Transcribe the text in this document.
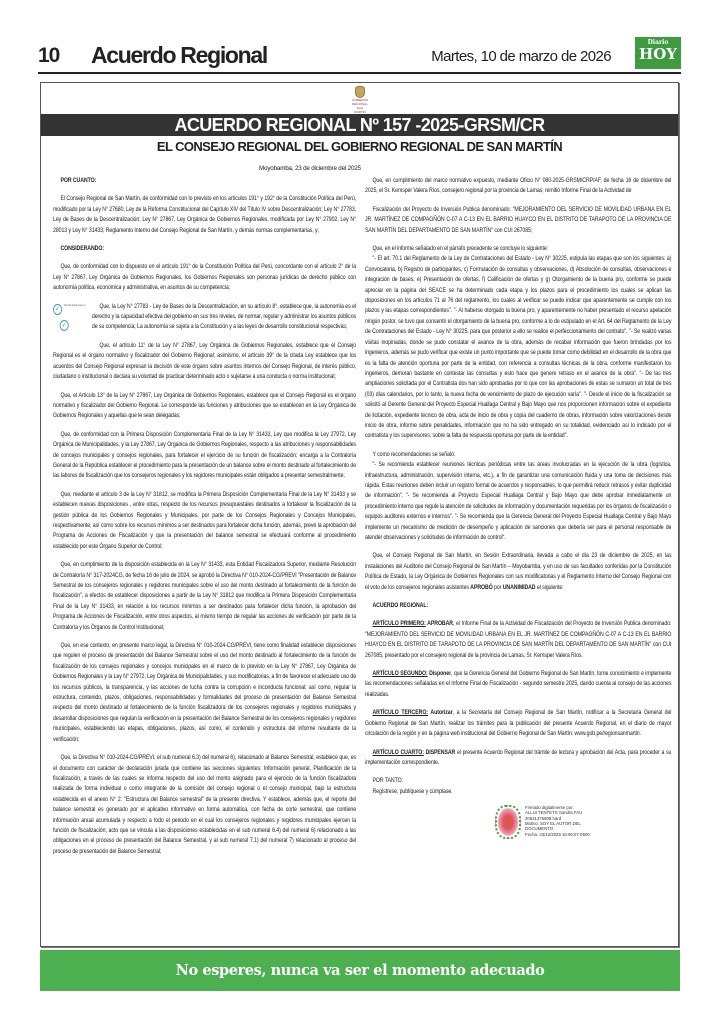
10 Acuerdo Regional	Martes, 10 de marzo de 2026
Diario
HOY
GOBIERNO REGIONAL SAN MARTÍN
ACUERDO REGIONAL Nº 157 -2025-GRSM/CR
EL CONSEJO REGIONAL DEL GOBIERNO REGIONAL DE SAN MARTÍN
Moyobamba, 23 de diciembre del 2025

POR CUANTO:

El Consejo Regional de San Martín, de conformidad con lo previsto en los artículos 191° y 192° de la Constitución Política del Perú, modificado por la Ley N° 27680, Ley de la Reforma Constitucional del Capítulo XIV del Título IV sobre Descentralización; Ley N° 27783, Ley de Bases de la Descentralización; Ley N° 27867, Ley Orgánica de Gobiernos Regionales, modificada por Ley N° 27902, Ley N° 28013 y Ley N° 31433; Reglamento Interno del Consejo Regional de San Martín, y demás normas complementarias, y;

CONSIDERANDO:

Que, de conformidad con lo dispuesto en el artículo 191° de la Constitución Política del Perú, concordante con el artículo 2° de la Ley N° 27867, Ley Orgánica de Gobiernos Regionales, los Gobiernos Regionales son personas jurídicas de derecho público con autonomía política, económica y administrativa, en asuntos de su competencia;

✓
Firmado digitalmente por
✓
Que, la Ley N° 27783 - Ley de Bases de la Descentralización, en su artículo 8°, establece que, la autonomía es el derecho y la capacidad efectiva del gobierno en sus tres niveles, de normar, regular y administrar los asuntos públicos de su competencia; La autonomía se sujeta a la Constitución y a las leyes de desarrollo constitucional respectivas;

Que, el artículo 11° de la Ley N° 27867, Ley Orgánica de Gobiernos Regionales, establece que el Consejo Regional es el órgano normativo y fiscalizador del Gobierno Regional; asimismo, el artículo 39° de la citada Ley establece que los acuerdos del Consejo Regional expresan la decisión de este órgano sobre asuntos internos del Consejo Regional, de interés público, ciudadano o institucional o declara su voluntad de practicar determinado acto o sujetarse a una conducta o norma institucional;

Que, el Artículo 13° de la Ley N° 27867, Ley Orgánica de Gobiernos Regionales, establece que el Consejo Regional es el órgano normativo y fiscalizador del Gobierno Regional. Le corresponde las funciones y atribuciones que se establecen en la Ley Orgánica de Gobiernos Regionales y aquellas que le sean delegadas;

Que, de conformidad con la Primera Disposición Complementaria Final de la Ley N° 31433, Ley que modifica la Ley 27972, Ley Orgánica de Municipalidades, y la Ley 27867, Ley Orgánica de Gobiernos Regionales, respecto a las atribuciones y responsabilidades de concejos municipales y consejos regionales, para fortalecer el ejercicio de su función de fiscalización; encarga a la Contraloría General de la República establecer el procedimiento para la presentación de un balance sobre el monto destinado al fortalecimiento de las labores de fiscalización que los consejeros regionales y los regidores municipales están obligados a presentar semestralmente;

Que, mediante el artículo 3 de la Ley N° 31812, se modifica la Primera Disposición Complementaria Final de la Ley N° 31433 y se establecen nuevas disposiciones , entre otras, respecto de los recursos presupuestales destinados a fortalecer la fiscalización de la gestión pública de los Gobiernos Regionales y Municipales, por parte de los Consejos Regionales y Concejos Municipales, respectivamente; así como sobre los recursos mínimos a ser destinados para fortalecer dicha función, además, prevé la aprobación del Programa de Acciones de Fiscalización y que la presentación del balance semestral se efectuará conforme al procedimiento establecido por este Órgano Superior de Control;

Que, en cumplimiento de la disposición establecida en la Ley N° 31433, esta Entidad Fiscalizadora Superior, mediante Resolución de Contraloría N° 317-2024CG, de fecha 16 de julio de 2024, se aprobó la Directiva N° 010-2024-CG/PREVI "Presentación de Balance Semestral de los consejeros regionales y regidores municipales sobre el uso del monto destinado al fortalecimiento de la función de fiscalización", a efectos de establecer disposiciones a partir de la Ley N° 31812 que modifica la Primera Disposición Complementaria Final de la Ley N° 31433, en relación a los recursos mínimos a ser destinados para fortalecer dicha función, la aprobación del Programa de Acciones de Fiscalización, entre otros aspectos, al mismo tiempo de regular las acciones de verificación por parte de la Contraloría y los Órganos de Control Institucional;

Que, en ese contexto, en presente marco legal, la Directiva N° 010-2024-CG/PREVI, tiene como finalidad establecer disposiciones que regulen el proceso de presentación del Balance Semestral sobre el uso del monto destinado al fortalecimiento de la función de fiscalización de los consejos regionales y concejos municipales en el marco de lo previsto en la Ley N° 27867, Ley Orgánica de Gobiernos Regionales y la Ley N° 27972, Ley Orgánica de Municipalidades, y sus modificatorias, a fin de favorecer el adecuado uso de los recursos públicos, la transparencia, y las acciones de lucha contra la corrupción e inconducta funcional; así como, regular la estructura, contenido, plazos, obligaciones, responsabilidades y formalidades del proceso de presentación del Balance Semestral respecto del monto destinado al fortalecimiento de la función fiscalizadora de los consejeros regionales y regidores municipales y desarrollar disposiciones que regulan la verificación en la presentación del Balance Semestral de los consejeros regionales y regidores municipales, estableciendo las etapas, obligaciones, plazos, así como, el contenido y estructura del informe resultante de la verificación;

Que, la Directiva N° 010-2024-CG/PREVI, el sub numeral 6.3) del numeral 6), relacionado al Balance Semestral, establece que, es el documento con carácter de declaración jurada que contiene las secciones siguientes: Información general, Planificación de la fiscalización, a través de las cuales se informa respecto del uso del monto asignado para el ejercicio de la función fiscalizadora realizada de forma individual o como integrante de la comisión del consejo regional o el consejo municipal, bajo la estructura establecida en el anexo N° 2: "Estructura del Balance semestral" de la presente directiva. Y establece, además que, el reporte del balance semestral es generado por el aplicativo informativo en forma automática, con fecha de corte semestral, que contiene información anual acumulada y respecto a todo el periodo en el cual los consejeros regionales y regidores municipales ejercen la función de fiscalización; acto que se vincula a las disposiciones establecidas en el sub numeral 6.4) del numeral 6) relacionado a las obligaciones en el proceso de presentación del Balance Semestral, y al sub numeral 7.1) del numeral 7) relacionado al proceso del proceso de presentación del Balance Semestral;

Que, en cumplimiento del marco normativo expuesto, mediante Oficio N° 080-2025-GRSM/CRP/AF, de fecha 16 de diciembre del 2025, el Sr. Kemsper Valera Ríos, consejero regional por la provincia de Lamas; remitió Informe Final de la Actividad de

Fiscalización del Proyecto de Inversión Publica denominado: "MEJORAMIENTO DEL SERVICIO DE MOVILIDAD URBANA EN EL JR. MARTÍNEZ DE COMPAGÑÓN C-07 A C-13 EN EL BARRIO HUAYCO EN EL DISTRITO DE TARAPOTO DE LA PROVINCIA DE SAN MARTÍN DEL DEPARTAMENTO DE SAN MARTÍN" con CUI 267085;

Que, en el informe señalado en el párrafo precedente se concluye lo siguiente:

"- El art. 70.1 del Reglamento de la Ley de Contrataciones del Estado - Ley N° 30225, estipula las etapas que son los siguientes: a) Convocatoria, b) Registro de participantes, c) Formulación de consultas y observaciones, d) Absolución de consultas, observaciones e integración de bases, e) Presentación de ofertas, f) Calificación de ofertas y g) Otorgamiento de la buena pro, conforme se puede apreciar en la página del SEACE se ha determinado cada etapa y los plazos para el procedimiento los cuales se aplican las disposiciones en los artículos 71 al 76 del reglamento, los cuales al verificar se puede indicar que aparentemente se cumple con los plazos y las etapas correspondientes". "- Al haberse otorgado la buena pro, y aparentemente no haber presentado el recurso apelación ningún postor, se tuvo que consentir el otorgamiento de la buena pro, conforme a lo de estipulado en el Art. 64 del Reglamento de la Ley de Contrataciones del Estado - Ley N° 30225, para que posterior a ello se realice el perfeccionamiento del contrato". "- Se realizó varias visitas inopinadas, donde se pudo constatar el avance de la obra, además de recabar información que fueron brindadas por los ingenieros, además se pudo verificar que existe un punto importante que se puede tomar como debilidad en el desarrollo de la obra que es la falta de atención oportuna por parte de la entidad, con referencia a consultas técnicas de la obra, conforme manifestaron los ingenieros, demoran bastante en contestar las consultas y esto hace que genere retraso en el avance de la obra". "- De las tres ampliaciones solicitada por el Contratista dos han sido aprobadas por lo que con las aprobaciones de estas se sumaron un total de tres (03) días calendarios, por lo tanto, la nueva fecha de vencimiento de plazo de ejecución varía". "- Desde el inicio de la fiscalización se solicitó al Gerente General del Proyecto Especial Huallaga Central y Bajo Mayo que nos proporcionen información sobre el expediente de licitación, expediente técnico de obra, acta de inicio de obra y copia del cuaderno de obras, información sobre valorizaciones desde inicio de obra, informe sobre penalidades, información que no ha sido entregado en su totalidad, evidenciado así lo indicado por el contratista y los supervisores, sobre la falta de respuesta oportuna por parte de la entidad".

Y como recomendaciones se señaló:

"- Se recomienda establecer reuniones técnicas periódicas entre las áreas involucradas en la ejecución de la obra (logística, infraestructura, administración, supervisión interna, etc.), a fin de garantizar una comunicación fluida y una toma de decisiones más rápida. Estas reuniones deben incluir un registro formal de acuerdos y responsables, lo que permitirá reducir retrasos y evitar duplicidad de información". "- Se recomienda al Proyecto Especial Huallaga Central y Bajo Mayo que debe aprobar inmediatamente un procedimiento interno que regule la atención de solicitudes de información y documentación requeridas por los órganos de fiscalización o equipos auditores externos e internos". "- Se recomienda que la Gerencia General del Proyecto Especial Huallaga Central y Bajo Mayo implemente un mecanismo de medición de desempeño y aplicación de sanciones que debería ser para el personal responsable de atender observaciones y solicitudes de información de control".

Que, el Consejo Regional de San Martín, en Sesión Extraordinaria, llevada a cabo el día 23 de diciembre de 2025, en las instalaciones del Auditorio del Consejo Regional de San Martín – Moyobamba, y en uso de sus facultades conferidas por la Constitución Política de Estado, la Ley Orgánica de Gobiernos Regionales con sus modificatorias y el Reglamento Interno del Consejo Regional con el voto de los consejeros regionales asistentes APROBÓ por UNANIMIDAD el siguiente:

ACUERDO REGIONAL:

ARTÍCULO PRIMERO: APROBAR, el Informe Final de la Actividad de Fiscalización del Proyecto de Inversión Publica denominado: "MEJORAMIENTO DEL SERVICIO DE MOVILIDAD URBANA EN EL JR. MARTÍNEZ DE COMPAGÑÓN C-07 A C-13 EN EL BARRIO HUAYCO EN EL DISTRITO DE TARAPOTO DE LA PROVINCIA DE SAN MARTÍN DEL DEPARTAMENTO DE SAN MARTÍN" con CUI 267085, presentado por el consejero regional de la provincia de Lamas, Sr. Kemsper Valera Ríos.

ARTÍCULO SEGUNDO: Disponer, que la Gerencia General del Gobierno Regional de San Martín, tome conocimiento e implemente las recomendaciones señaladas en el Informe Final de Fiscalización - segundo semestre 2025, dando cuenta al consejo de las acciones realizadas.

ARTÍCULO TERCERO: Autorizar, a la Secretaría del Consejo Regional de San Martín, notificar a la Secretaría General del Gobierno Regional de San Martín, realizar los trámites para la publicación del presente Acuerdo Regional, en el diario de mayor circulación de la región y en la página web institucional del Gobierno Regional de San Martín: www.gob.pe/regionsanmartin.

ARTÍCULO CUARTO: DISPENSAR el presente Acuerdo Regional del trámite de lectura y aprobación del Acta, para proceder a su implementación correspondiente.

POR TANTO:

Regístrese, publíquese y cúmplase.

Firmado digitalmente por:
ALLUI TENTETS Sandra FAU
20531375808 hard
Motivo: SOY EL AUTOR DEL
DOCUMENTO
Fecha: 23/12/2025 16:06:07-0500
No esperes, nunca va ser el momento adecuado
